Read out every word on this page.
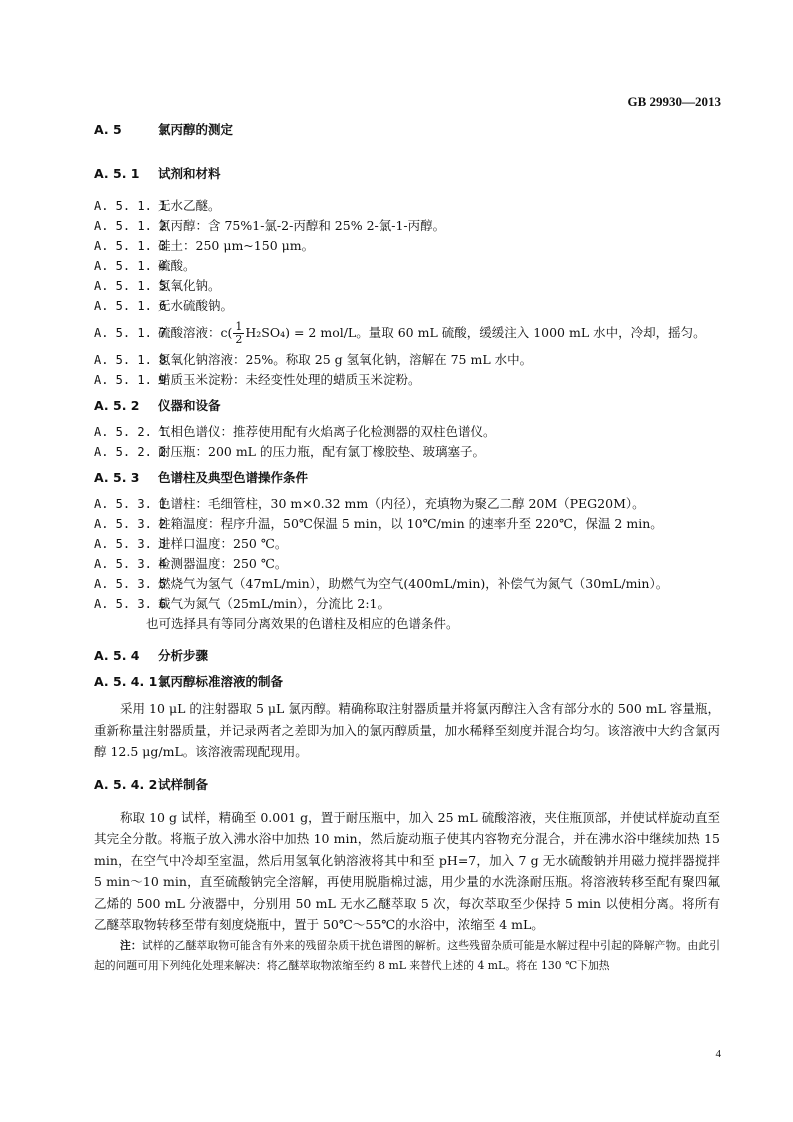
GB 29930—2013
A. 5	氯丙醇的测定
A. 5. 1 试剂和材料
A. 5. 1. 1无水乙醚。
A. 5. 1. 2氯丙醇：含 75%1-氯-2-丙醇和 25% 2-氯-1-丙醇。
A. 5. 1. 3硅土：250 μm~150 μm。
A. 5. 1. 4硫酸。
A. 5. 1. 5氢氧化钠。
A. 5. 1. 6无水硫酸钠。
A. 5. 1. 7硫酸溶液：$c( \frac{1}{2} H_2SO_4) = 2$ mol/L。量取 60 mL 硫酸，缓缓注入 1000 mL 水中，冷却，摇匀。
A. 5. 1. 8氢氧化钠溶液：25%。称取 25 g 氢氧化钠，溶解在 75 mL 水中。
A. 5. 1. 9蜡质玉米淀粉：未经变性处理的蜡质玉米淀粉。
A. 5. 2 仪器和设备
A. 5. 2. 1气相色谱仪：推荐使用配有火焰离子化检测器的双柱色谱仪。
A. 5. 2. 2耐压瓶：200 mL 的压力瓶，配有氯丁橡胶垫、玻璃塞子。
A. 5. 3 色谱柱及典型色谱操作条件
A. 5. 3. 1色谱柱：毛细管柱，30 m×0.32 mm（内径），充填物为聚乙二醇 20M（PEG20M）。
A. 5. 3. 2柱箱温度：程序升温，50℃保温 5 min，以 10℃/min 的速率升至 220℃，保温 2 min。
A. 5. 3. 3进样口温度：250 ℃。
A. 5. 3. 4检测器温度：250 ℃。
A. 5. 3. 5燃烧气为氢气（47mL/min），助燃气为空气(400mL/min)，补偿气为氮气（30mL/min）。
A. 5. 3. 6载气为氮气（25mL/min），分流比 2:1。
也可选择具有等同分离效果的色谱柱及相应的色谱条件。
A. 5. 4 分析步骤
A. 5. 4. 1氯丙醇标准溶液的制备

采用 10 μL 的注射器取 5 μL 氯丙醇。精确称取注射器质量并将氯丙醇注入含有部分水的 500 mL 容量瓶，重新称量注射器质量，并记录两者之差即为加入的氯丙醇质量，加水稀释至刻度并混合均匀。该溶液中大约含氯丙醇 12.5 μg/mL。该溶液需现配现用。

A. 5. 4. 2试样制备

称取 10 g 试样，精确至 0.001 g，置于耐压瓶中，加入 25 mL 硫酸溶液，夹住瓶顶部，并使试样旋动直至其完全分散。将瓶子放入沸水浴中加热 10 min，然后旋动瓶子使其内容物充分混合，并在沸水浴中继续加热 15 min，在空气中冷却至室温，然后用氢氧化钠溶液将其中和至 pH=7，加入 7 g 无水硫酸钠并用磁力搅拌器搅拌 5 min～10 min，直至硫酸钠完全溶解，再使用脱脂棉过滤，用少量的水洗涤耐压瓶。将溶液转移至配有聚四氟乙烯的 500 mL 分液器中，分别用 50 mL 无水乙醚萃取 5 次，每次萃取至少保持 5 min 以使相分离。将所有乙醚萃取物转移至带有刻度烧瓶中，置于 50℃～55℃的水浴中，浓缩至 4 mL。

注：试样的乙醚萃取物可能含有外来的残留杂质干扰色谱图的解析。这些残留杂质可能是水解过程中引起的降解产物。由此引起的问题可用下列纯化处理来解决：将乙醚萃取物浓缩至约 8 mL 来替代上述的 4 mL。将在 130 ℃下加热

4
